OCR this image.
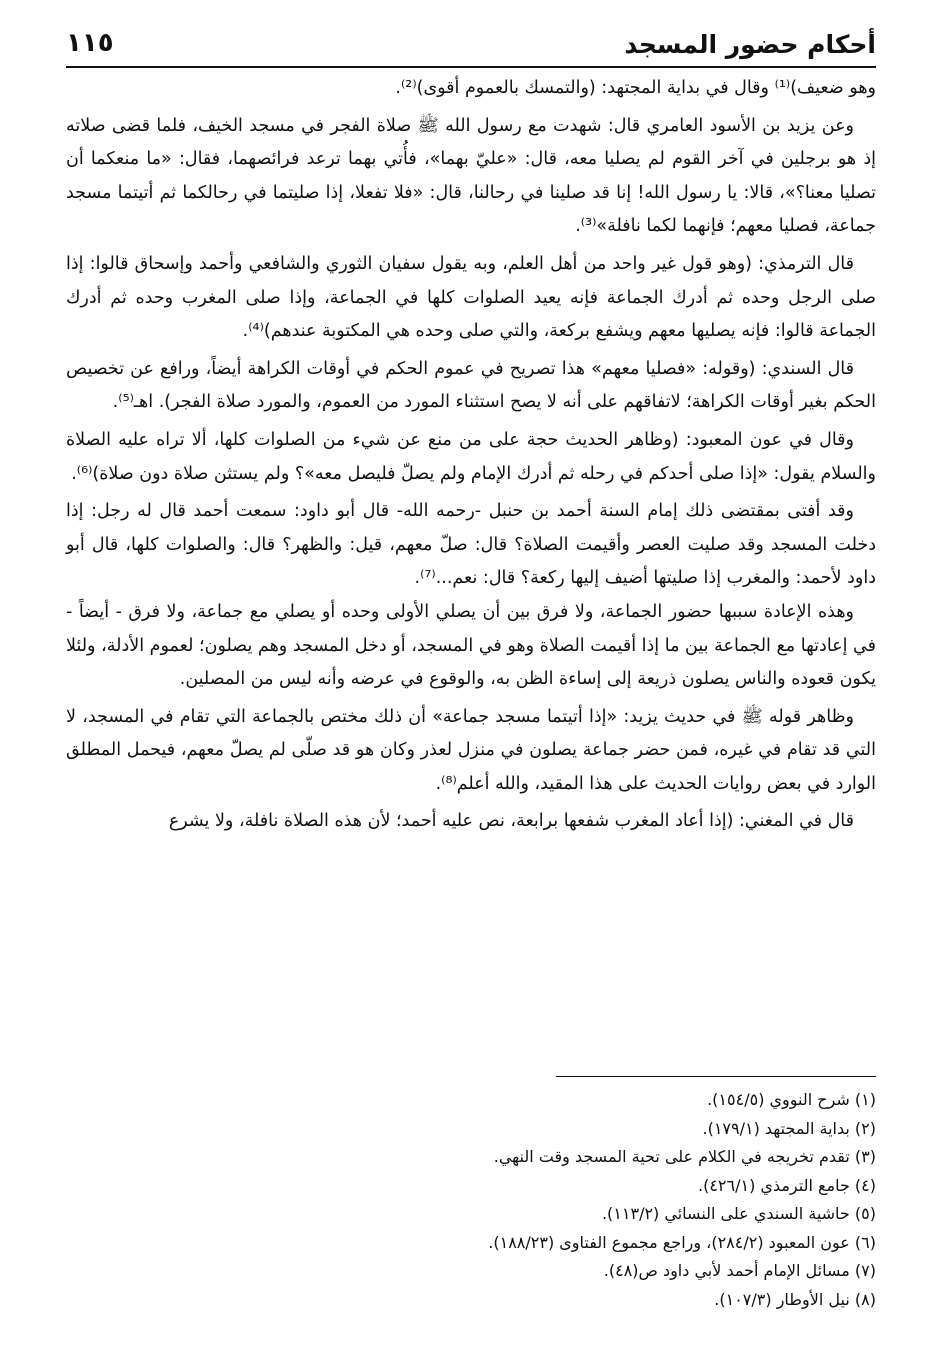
أحكام حضور المسجد
١١٥

وهو ضعيف)⁽¹⁾ وقال في بداية المجتهد: (والتمسك بالعموم أقوى)⁽²⁾.

وعن يزيد بن الأسود العامري قال: شهدت مع رسول الله ﷺ صلاة الفجر في مسجد الخيف، فلما قضى صلاته إذ هو برجلين في آخر القوم لم يصليا معه، قال: «عليّ بهما»، فأُتي بهما ترعد فرائصهما، فقال: «ما منعكما أن تصليا معنا؟»، قالا: يا رسول الله! إنا قد صلينا في رحالنا، قال: «فلا تفعلا، إذا صليتما في رحالكما ثم أتيتما مسجد جماعة، فصليا معهم؛ فإنهما لكما نافلة»⁽³⁾.

قال الترمذي: (وهو قول غير واحد من أهل العلم، وبه يقول سفيان الثوري والشافعي وأحمد وإسحاق قالوا: إذا صلى الرجل وحده ثم أدرك الجماعة فإنه يعيد الصلوات كلها في الجماعة، وإذا صلى المغرب وحده ثم أدرك الجماعة قالوا: فإنه يصليها معهم ويشفع بركعة، والتي صلى وحده هي المكتوبة عندهم)⁽⁴⁾.

قال السندي: (وقوله: «فصليا معهم» هذا تصريح في عموم الحكم في أوقات الكراهة أيضاً، ورافع عن تخصيص الحكم بغير أوقات الكراهة؛ لاتفاقهم على أنه لا يصح استثناء المورد من العموم، والمورد صلاة الفجر). اهـ⁽⁵⁾.

وقال في عون المعبود: (وظاهر الحديث حجة على من منع عن شيء من الصلوات كلها، ألا تراه عليه الصلاة والسلام يقول: «إذا صلى أحدكم في رحله ثم أدرك الإمام ولم يصلّ فليصل معه»؟ ولم يستثن صلاة دون صلاة)⁽⁶⁾.

وقد أفتى بمقتضى ذلك إمام السنة أحمد بن حنبل -رحمه الله- قال أبو داود: سمعت أحمد قال له رجل: إذا دخلت المسجد وقد صليت العصر وأقيمت الصلاة؟ قال: صلّ معهم، قيل: والظهر؟ قال: والصلوات كلها، قال أبو داود لأحمد: والمغرب إذا صليتها أضيف إليها ركعة؟ قال: نعم...⁽⁷⁾.

وهذه الإعادة سببها حضور الجماعة، ولا فرق بين أن يصلي الأولى وحده أو يصلي مع جماعة، ولا فرق - أيضاً - في إعادتها مع الجماعة بين ما إذا أقيمت الصلاة وهو في المسجد، أو دخل المسجد وهم يصلون؛ لعموم الأدلة، ولئلا يكون قعوده والناس يصلون ذريعة إلى إساءة الظن به، والوقوع في عرضه وأنه ليس من المصلين.

وظاهر قوله ﷺ في حديث يزيد: «إذا أتيتما مسجد جماعة» أن ذلك مختص بالجماعة التي تقام في المسجد، لا التي قد تقام في غيره، فمن حضر جماعة يصلون في منزل لعذر وكان هو قد صلّى لم يصلّ معهم، فيحمل المطلق الوارد في بعض روايات الحديث على هذا المقيد، والله أعلم⁽⁸⁾.

قال في المغني: (إذا أعاد المغرب شفعها برابعة، نص عليه أحمد؛ لأن هذه الصلاة نافلة، ولا يشرع

(١) شرح النووي (١٥٤/٥).

(٢) بداية المجتهد (١٧٩/١).

(٣) تقدم تخريجه في الكلام على تحية المسجد وقت النهي.

(٤) جامع الترمذي (٤٢٦/١).

(٥) حاشية السندي على النسائي (١١٣/٢).

(٦) عون المعبود (٢٨٤/٢)، وراجع مجموع الفتاوى (١٨٨/٢٣).

(٧) مسائل الإمام أحمد لأبي داود ص(٤٨).

(٨) نيل الأوطار (١٠٧/٣).
